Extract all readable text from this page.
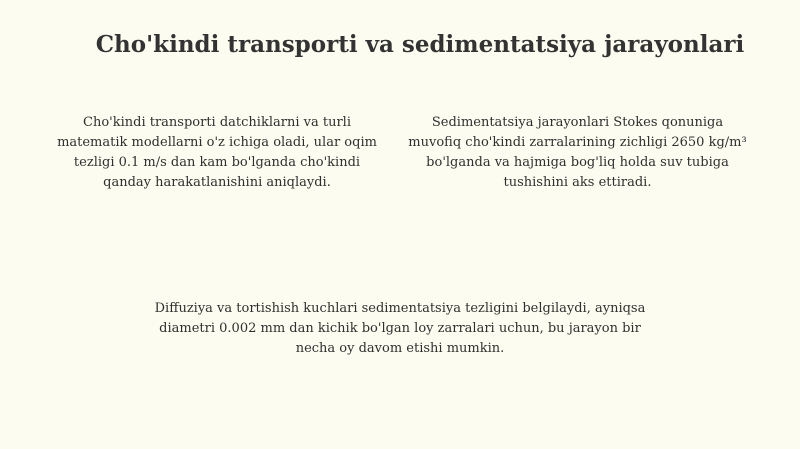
Cho'kindi transporti va sedimentatsiya jarayonlari

Cho'kindi transporti datchiklarni va turli matematik modellarni o'z ichiga oladi, ular oqim tezligi 0.1 m/s dan kam bo'lganda cho'kindi qanday harakatlanishini aniqlaydi.

Sedimentatsiya jarayonlari Stokes qonuniga muvofiq cho'kindi zarralarining zichligi 2650 kg/m³ bo'lganda va hajmiga bog'liq holda suv tubiga tushishini aks ettiradi.

Diffuziya va tortishish kuchlari sedimentatsiya tezligini belgilaydi, ayniqsa diametri 0.002 mm dan kichik bo'lgan loy zarralari uchun, bu jarayon bir necha oy davom etishi mumkin.
